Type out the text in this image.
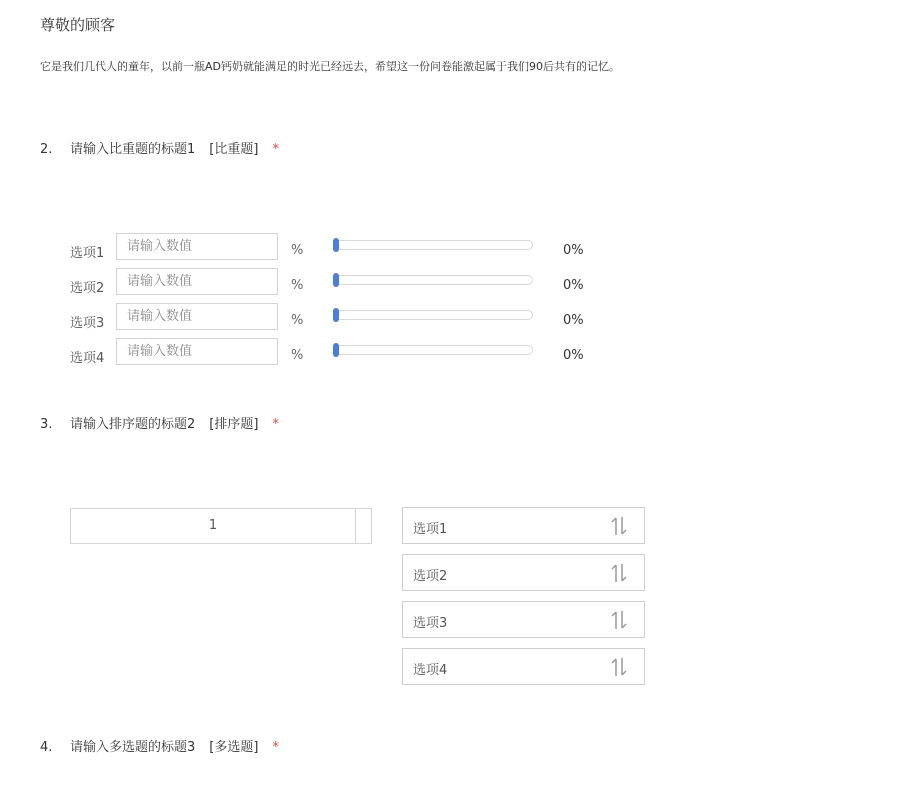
尊敬的顾客
它是我们几代人的童年，以前一瓶AD钙奶就能满足的时光已经远去，希望这一份问卷能激起属于我们90后共有的记忆。
2. 请输入比重题的标题1 [比重题] *
选项1
请输入数值	%	0%
选项2
请输入数值	%	0%
选项3
请输入数值	%	0%
选项4
请输入数值	%	0%
3. 请输入排序题的标题2 [排序题] *
1	选项1
选项2
选项3
选项4
4. 请输入多选题的标题3 [多选题] *
